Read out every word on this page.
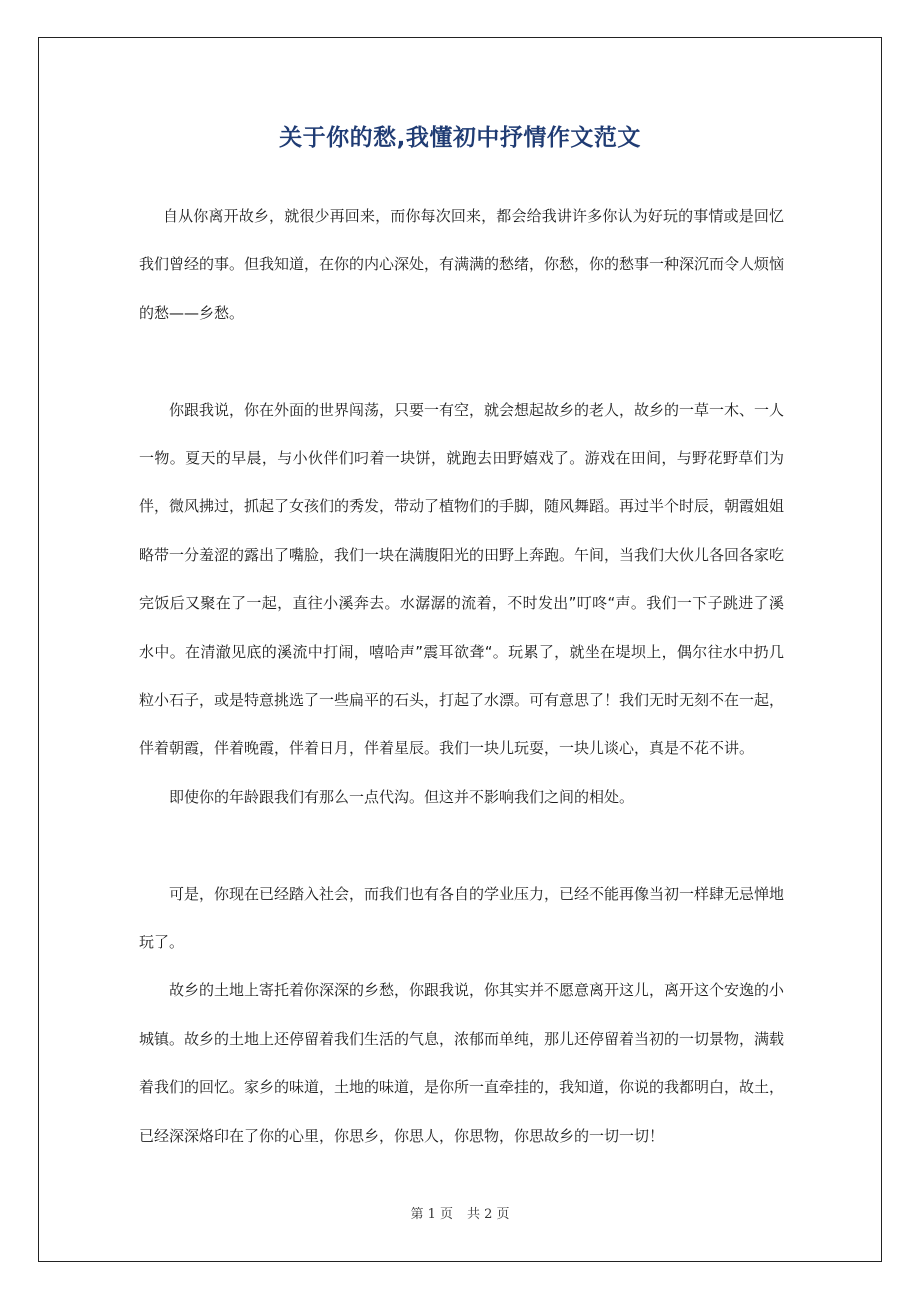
关于你的愁,我懂初中抒情作文范文

自从你离开故乡，就很少再回来，而你每次回来，都会给我讲许多你认为好玩的事情或是回忆我们曾经的事。但我知道，在你的内心深处，有满满的愁绪，你愁，你的愁事一种深沉而令人烦恼的愁——乡愁。

你跟我说，你在外面的世界闯荡，只要一有空，就会想起故乡的老人，故乡的一草一木、一人一物。夏天的早晨，与小伙伴们叼着一块饼，就跑去田野嬉戏了。游戏在田间，与野花野草们为伴，微风拂过，抓起了女孩们的秀发，带动了植物们的手脚，随风舞蹈。再过半个时辰，朝霞姐姐略带一分羞涩的露出了嘴脸，我们一块在满腹阳光的田野上奔跑。午间，当我们大伙儿各回各家吃完饭后又聚在了一起，直往小溪奔去。水潺潺的流着，不时发出”叮咚“声。我们一下子跳进了溪水中。在清澈见底的溪流中打闹，嘻哈声”震耳欲聋“。玩累了，就坐在堤坝上，偶尔往水中扔几粒小石子，或是特意挑选了一些扁平的石头，打起了水漂。可有意思了！我们无时无刻不在一起，伴着朝霞，伴着晚霞，伴着日月，伴着星辰。我们一块儿玩耍，一块儿谈心，真是不花不讲。

即使你的年龄跟我们有那么一点代沟。但这并不影响我们之间的相处。

可是，你现在已经踏入社会，而我们也有各自的学业压力，已经不能再像当初一样肆无忌惮地玩了。

故乡的土地上寄托着你深深的乡愁，你跟我说，你其实并不愿意离开这儿，离开这个安逸的小城镇。故乡的土地上还停留着我们生活的气息，浓郁而单纯，那儿还停留着当初的一切景物，满载着我们的回忆。家乡的味道，土地的味道，是你所一直牵挂的，我知道，你说的我都明白，故土，已经深深烙印在了你的心里，你思乡，你思人，你思物，你思故乡的一切一切！

第 1 页 共 2 页
